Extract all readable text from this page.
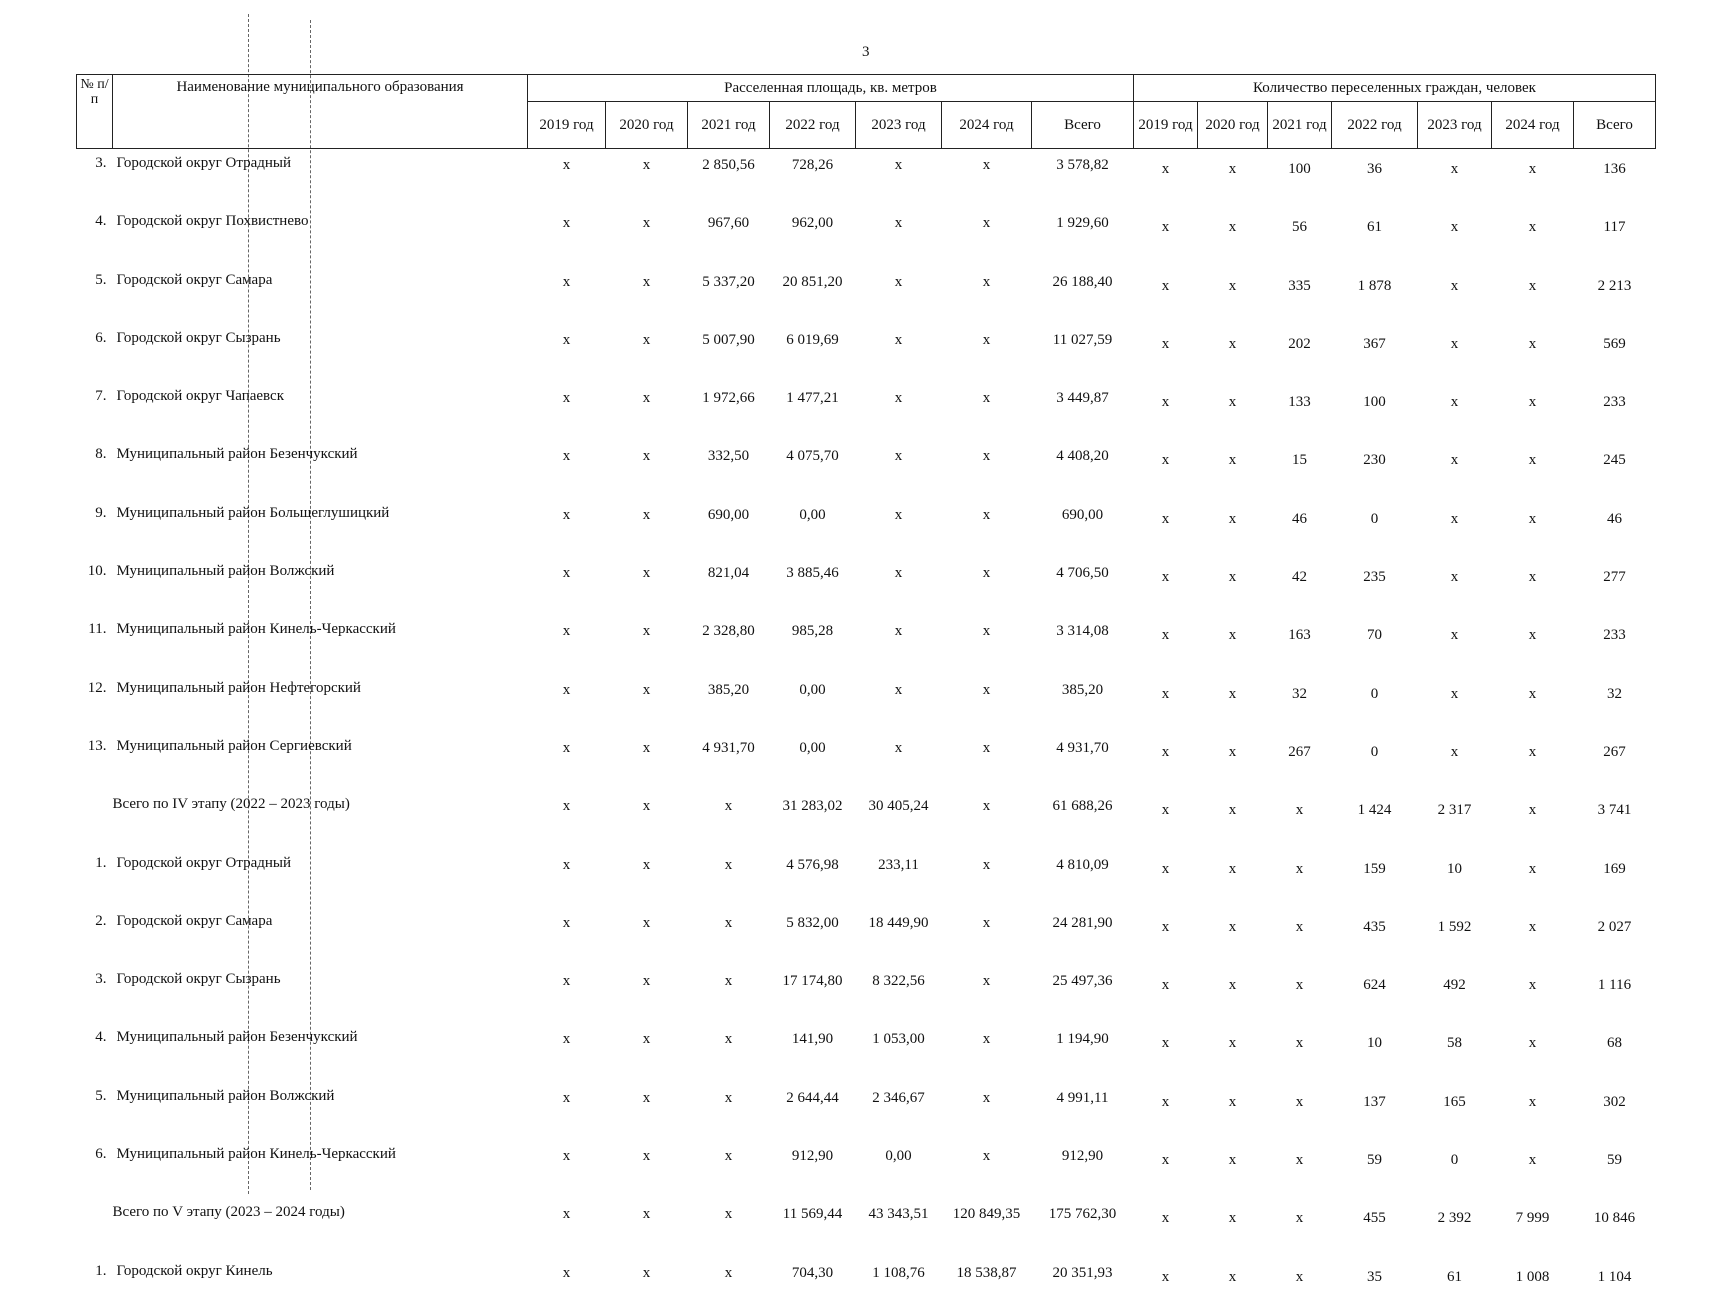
3
№ п/п	Наименование муниципального образования	Расселенная площадь, кв. метров							Количество переселенных граждан, человек						
		2019 год	2020 год	2021 год	2022 год	2023 год	2024 год	Всего	2019 год	2020 год	2021 год	2022 год	2023 год	2024 год	Всего
3.	Городской округ Отрадный	x	x	2 850,56	728,26	x	x	3 578,82	x	x	100	36	x	x	136
4.	Городской округ Похвистнево	x	x	967,60	962,00	x	x	1 929,60	x	x	56	61	x	x	117
5.	Городской округ Самара	x	x	5 337,20	20 851,20	x	x	26 188,40	x	x	335	1 878	x	x	2 213
6.	Городской округ Сызрань	x	x	5 007,90	6 019,69	x	x	11 027,59	x	x	202	367	x	x	569
7.	Городской округ Чапаевск	x	x	1 972,66	1 477,21	x	x	3 449,87	x	x	133	100	x	x	233
8.	Муниципальный район Безенчукский	x	x	332,50	4 075,70	x	x	4 408,20	x	x	15	230	x	x	245
9.	Муниципальный район Большеглушицкий	x	x	690,00	0,00	x	x	690,00	x	x	46	0	x	x	46
10.	Муниципальный район Волжский	x	x	821,04	3 885,46	x	x	4 706,50	x	x	42	235	x	x	277
11.	Муниципальный район Кинель-Черкасский	x	x	2 328,80	985,28	x	x	3 314,08	x	x	163	70	x	x	233
12.	Муниципальный район Нефтегорский	x	x	385,20	0,00	x	x	385,20	x	x	32	0	x	x	32
13.	Муниципальный район Сергиевский	x	x	4 931,70	0,00	x	x	4 931,70	x	x	267	0	x	x	267
	Всего по IV этапу (2022 – 2023 годы)	x	x	x	31 283,02	30 405,24	x	61 688,26	x	x	x	1 424	2 317	x	3 741
1.	Городской округ Отрадный	x	x	x	4 576,98	233,11	x	4 810,09	x	x	x	159	10	x	169
2.	Городской округ Самара	x	x	x	5 832,00	18 449,90	x	24 281,90	x	x	x	435	1 592	x	2 027
3.	Городской округ Сызрань	x	x	x	17 174,80	8 322,56	x	25 497,36	x	x	x	624	492	x	1 116
4.	Муниципальный район Безенчукский	x	x	x	141,90	1 053,00	x	1 194,90	x	x	x	10	58	x	68
5.	Муниципальный район Волжский	x	x	x	2 644,44	2 346,67	x	4 991,11	x	x	x	137	165	x	302
6.	Муниципальный район Кинель-Черкасский	x	x	x	912,90	0,00	x	912,90	x	x	x	59	0	x	59
	Всего по V этапу (2023 – 2024 годы)	x	x	x	11 569,44	43 343,51	120 849,35	175 762,30	x	x	x	455	2 392	7 999	10 846
1.	Городской округ Кинель	x	x	x	704,30	1 108,76	18 538,87	20 351,93	x	x	x	35	61	1 008	1 104
